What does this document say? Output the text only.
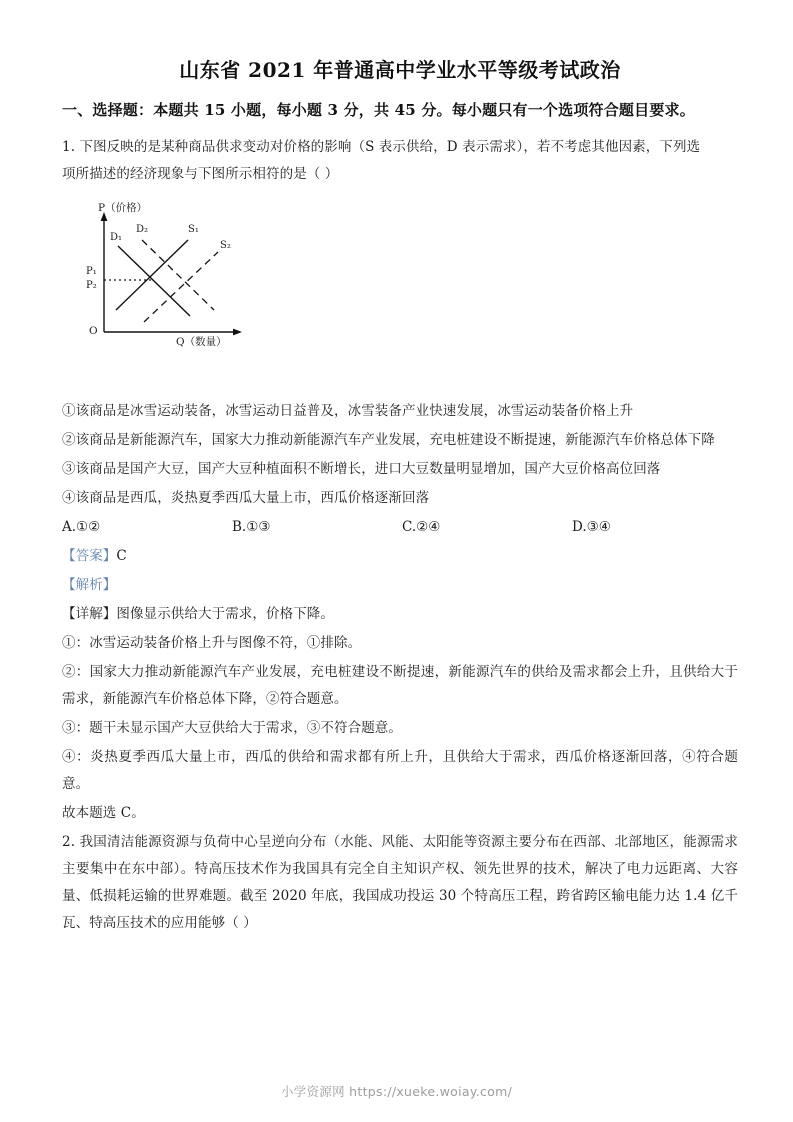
山东省 2021 年普通高中学业水平等级考试政治
一、选择题：本题共 15 小题，每小题 3 分，共 45 分。每小题只有一个选项符合题目要求。
1. 下图反映的是某种商品供求变动对价格的影响（S 表示供给，D 表示需求），若不考虑其他因素，下列选
项所描述的经济现象与下图所示相符的是（ ）
P（价格）
Q（数量）
O
P₁
P₂
D₁
D₂	S₁
S₂
①该商品是冰雪运动装备，冰雪运动日益普及，冰雪装备产业快速发展，冰雪运动装备价格上升
②该商品是新能源汽车，国家大力推动新能源汽车产业发展，充电桩建设不断提速，新能源汽车价格总体下降
③该商品是国产大豆，国产大豆种植面积不断增长，进口大豆数量明显增加，国产大豆价格高位回落
④该商品是西瓜，炎热夏季西瓜大量上市，西瓜价格逐渐回落
A.①②	B.①③	C.②④	D.③④
【答案】C
【解析】
【详解】图像显示供给大于需求，价格下降。
①：冰雪运动装备价格上升与图像不符，①排除。
②：国家大力推动新能源汽车产业发展，充电桩建设不断提速，新能源汽车的供给及需求都会上升，且供给大于需求，新能源汽车价格总体下降，②符合题意。
③：题干未显示国产大豆供给大于需求，③不符合题意。
④：炎热夏季西瓜大量上市，西瓜的供给和需求都有所上升，且供给大于需求，西瓜价格逐渐回落，④符合题意。
故本题选 C。
2. 我国清洁能源资源与负荷中心呈逆向分布（水能、风能、太阳能等资源主要分布在西部、北部地区，能源需求主要集中在东中部）。特高压技术作为我国具有完全自主知识产权、领先世界的技术，解决了电力远距离、大容量、低损耗运输的世界难题。截至 2020 年底，我国成功投运 30 个特高压工程，跨省跨区输电能力达 1.4 亿千瓦、特高压技术的应用能够（ ）
小学资源网 https://xueke.woiay.com/
